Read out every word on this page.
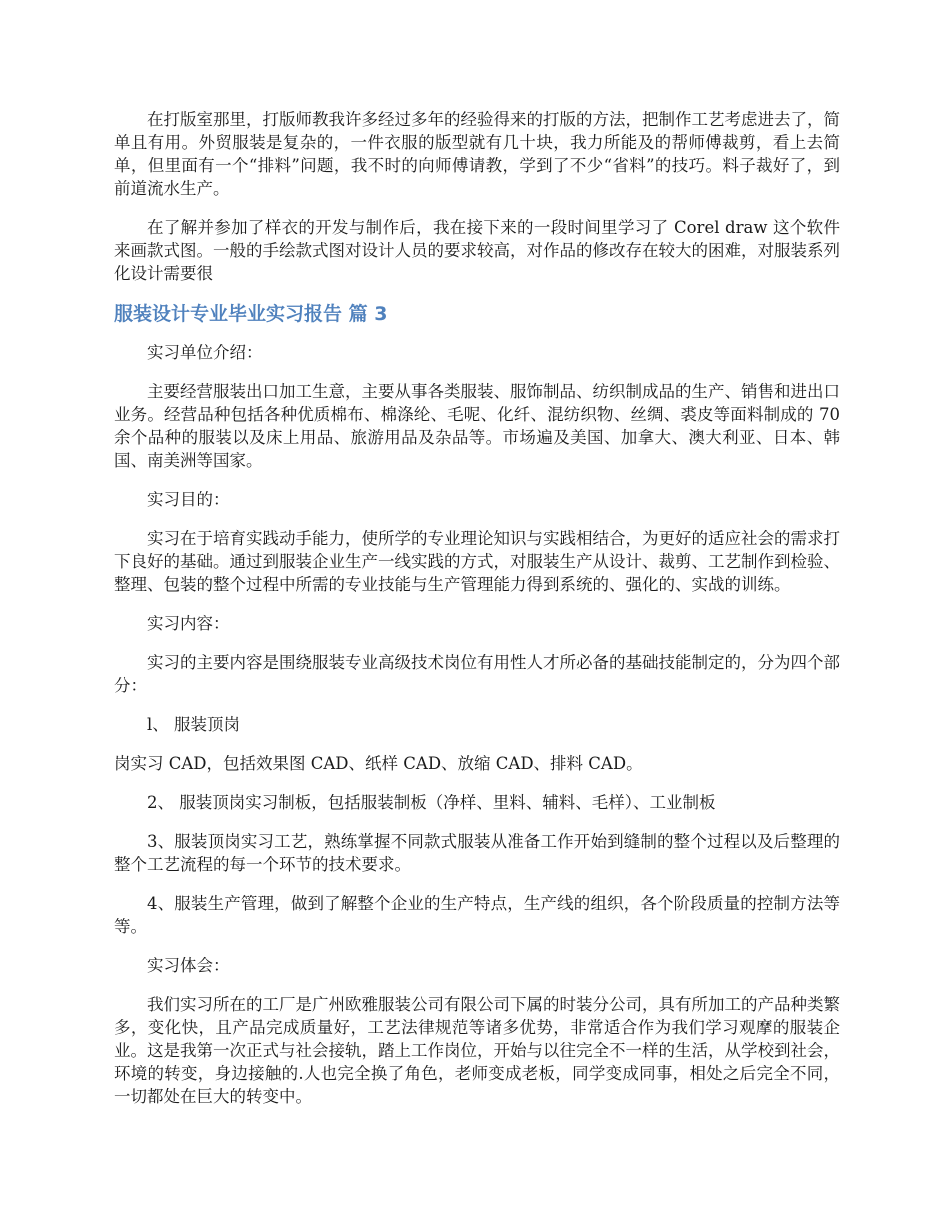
在打版室那里，打版师教我许多经过多年的经验得来的打版的方法，把制作工艺考虑进去了，简单且有用。外贸服装是复杂的，一件衣服的版型就有几十块，我力所能及的帮师傅裁剪，看上去简单，但里面有一个“排料”问题，我不时的向师傅请教，学到了不少“省料”的技巧。料子裁好了，到前道流水生产。

在了解并参加了样衣的开发与制作后，我在接下来的一段时间里学习了 Corel draw 这个软件来画款式图。一般的手绘款式图对设计人员的要求较高，对作品的修改存在较大的困难，对服装系列化设计需要很

服装设计专业毕业实习报告 篇 3

实习单位介绍：

主要经营服装出口加工生意，主要从事各类服装、服饰制品、纺织制成品的生产、销售和进出口业务。经营品种包括各种优质棉布、棉涤纶、毛呢、化纤、混纺织物、丝绸、裘皮等面料制成的 70 余个品种的服装以及床上用品、旅游用品及杂品等。市场遍及美国、加拿大、澳大利亚、日本、韩国、南美洲等国家。

实习目的：

实习在于培育实践动手能力，使所学的专业理论知识与实践相结合，为更好的适应社会的需求打下良好的基础。通过到服装企业生产一线实践的方式，对服装生产从设计、裁剪、工艺制作到检验、整理、包装的整个过程中所需的专业技能与生产管理能力得到系统的、强化的、实战的训练。

实习内容：

实习的主要内容是围绕服装专业高级技术岗位有用性人才所必备的基础技能制定的，分为四个部分：

l、 服装顶岗

岗实习 CAD，包括效果图 CAD、纸样 CAD、放缩 CAD、排料 CAD。

2、 服装顶岗实习制板，包括服装制板（净样、里料、辅料、毛样）、工业制板

3、服装顶岗实习工艺，熟练掌握不同款式服装从准备工作开始到缝制的整个过程以及后整理的整个工艺流程的每一个环节的技术要求。

4、服装生产管理，做到了解整个企业的生产特点，生产线的组织，各个阶段质量的控制方法等等。

实习体会：

我们实习所在的工厂是广州欧雅服装公司有限公司下属的时装分公司，具有所加工的产品种类繁多，变化快，且产品完成质量好，工艺法律规范等诸多优势，非常适合作为我们学习观摩的服装企业。这是我第一次正式与社会接轨，踏上工作岗位，开始与以往完全不一样的生活，从学校到社会，环境的转变，身边接触的.人也完全换了角色，老师变成老板，同学变成同事，相处之后完全不同，一切都处在巨大的转变中。
